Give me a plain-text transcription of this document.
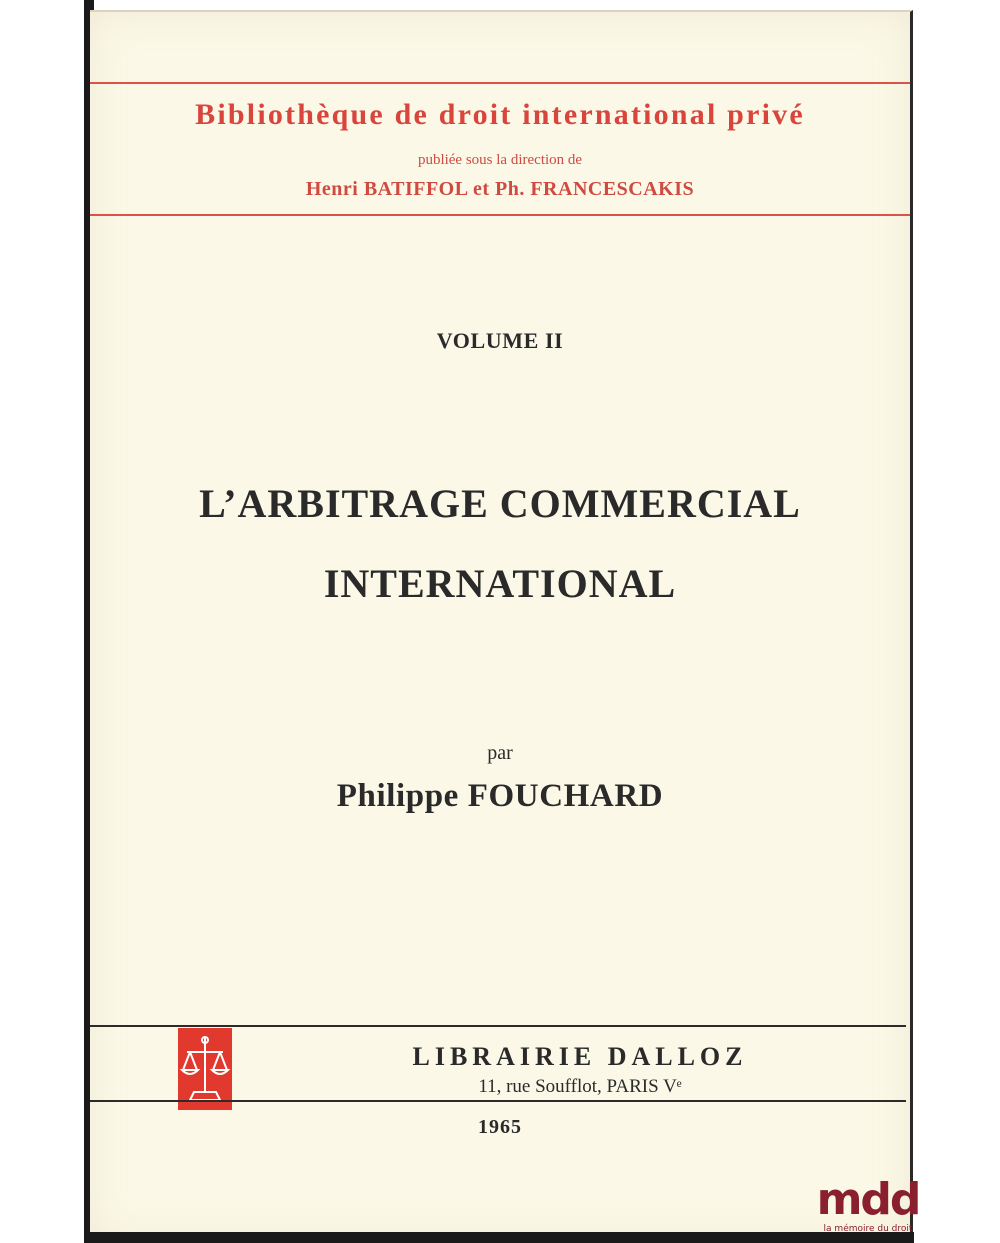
Bibliothèque de droit international privé
publiée sous la direction de
Henri BATIFFOL et Ph. FRANCESCAKIS
VOLUME II
L’ARBITRAGE COMMERCIAL
INTERNATIONAL
par
Philippe FOUCHARD
LIBRAIRIE DALLOZ
11, rue Soufflot, PARIS Vᵉ
1965
mdd
la mémoire du droit
